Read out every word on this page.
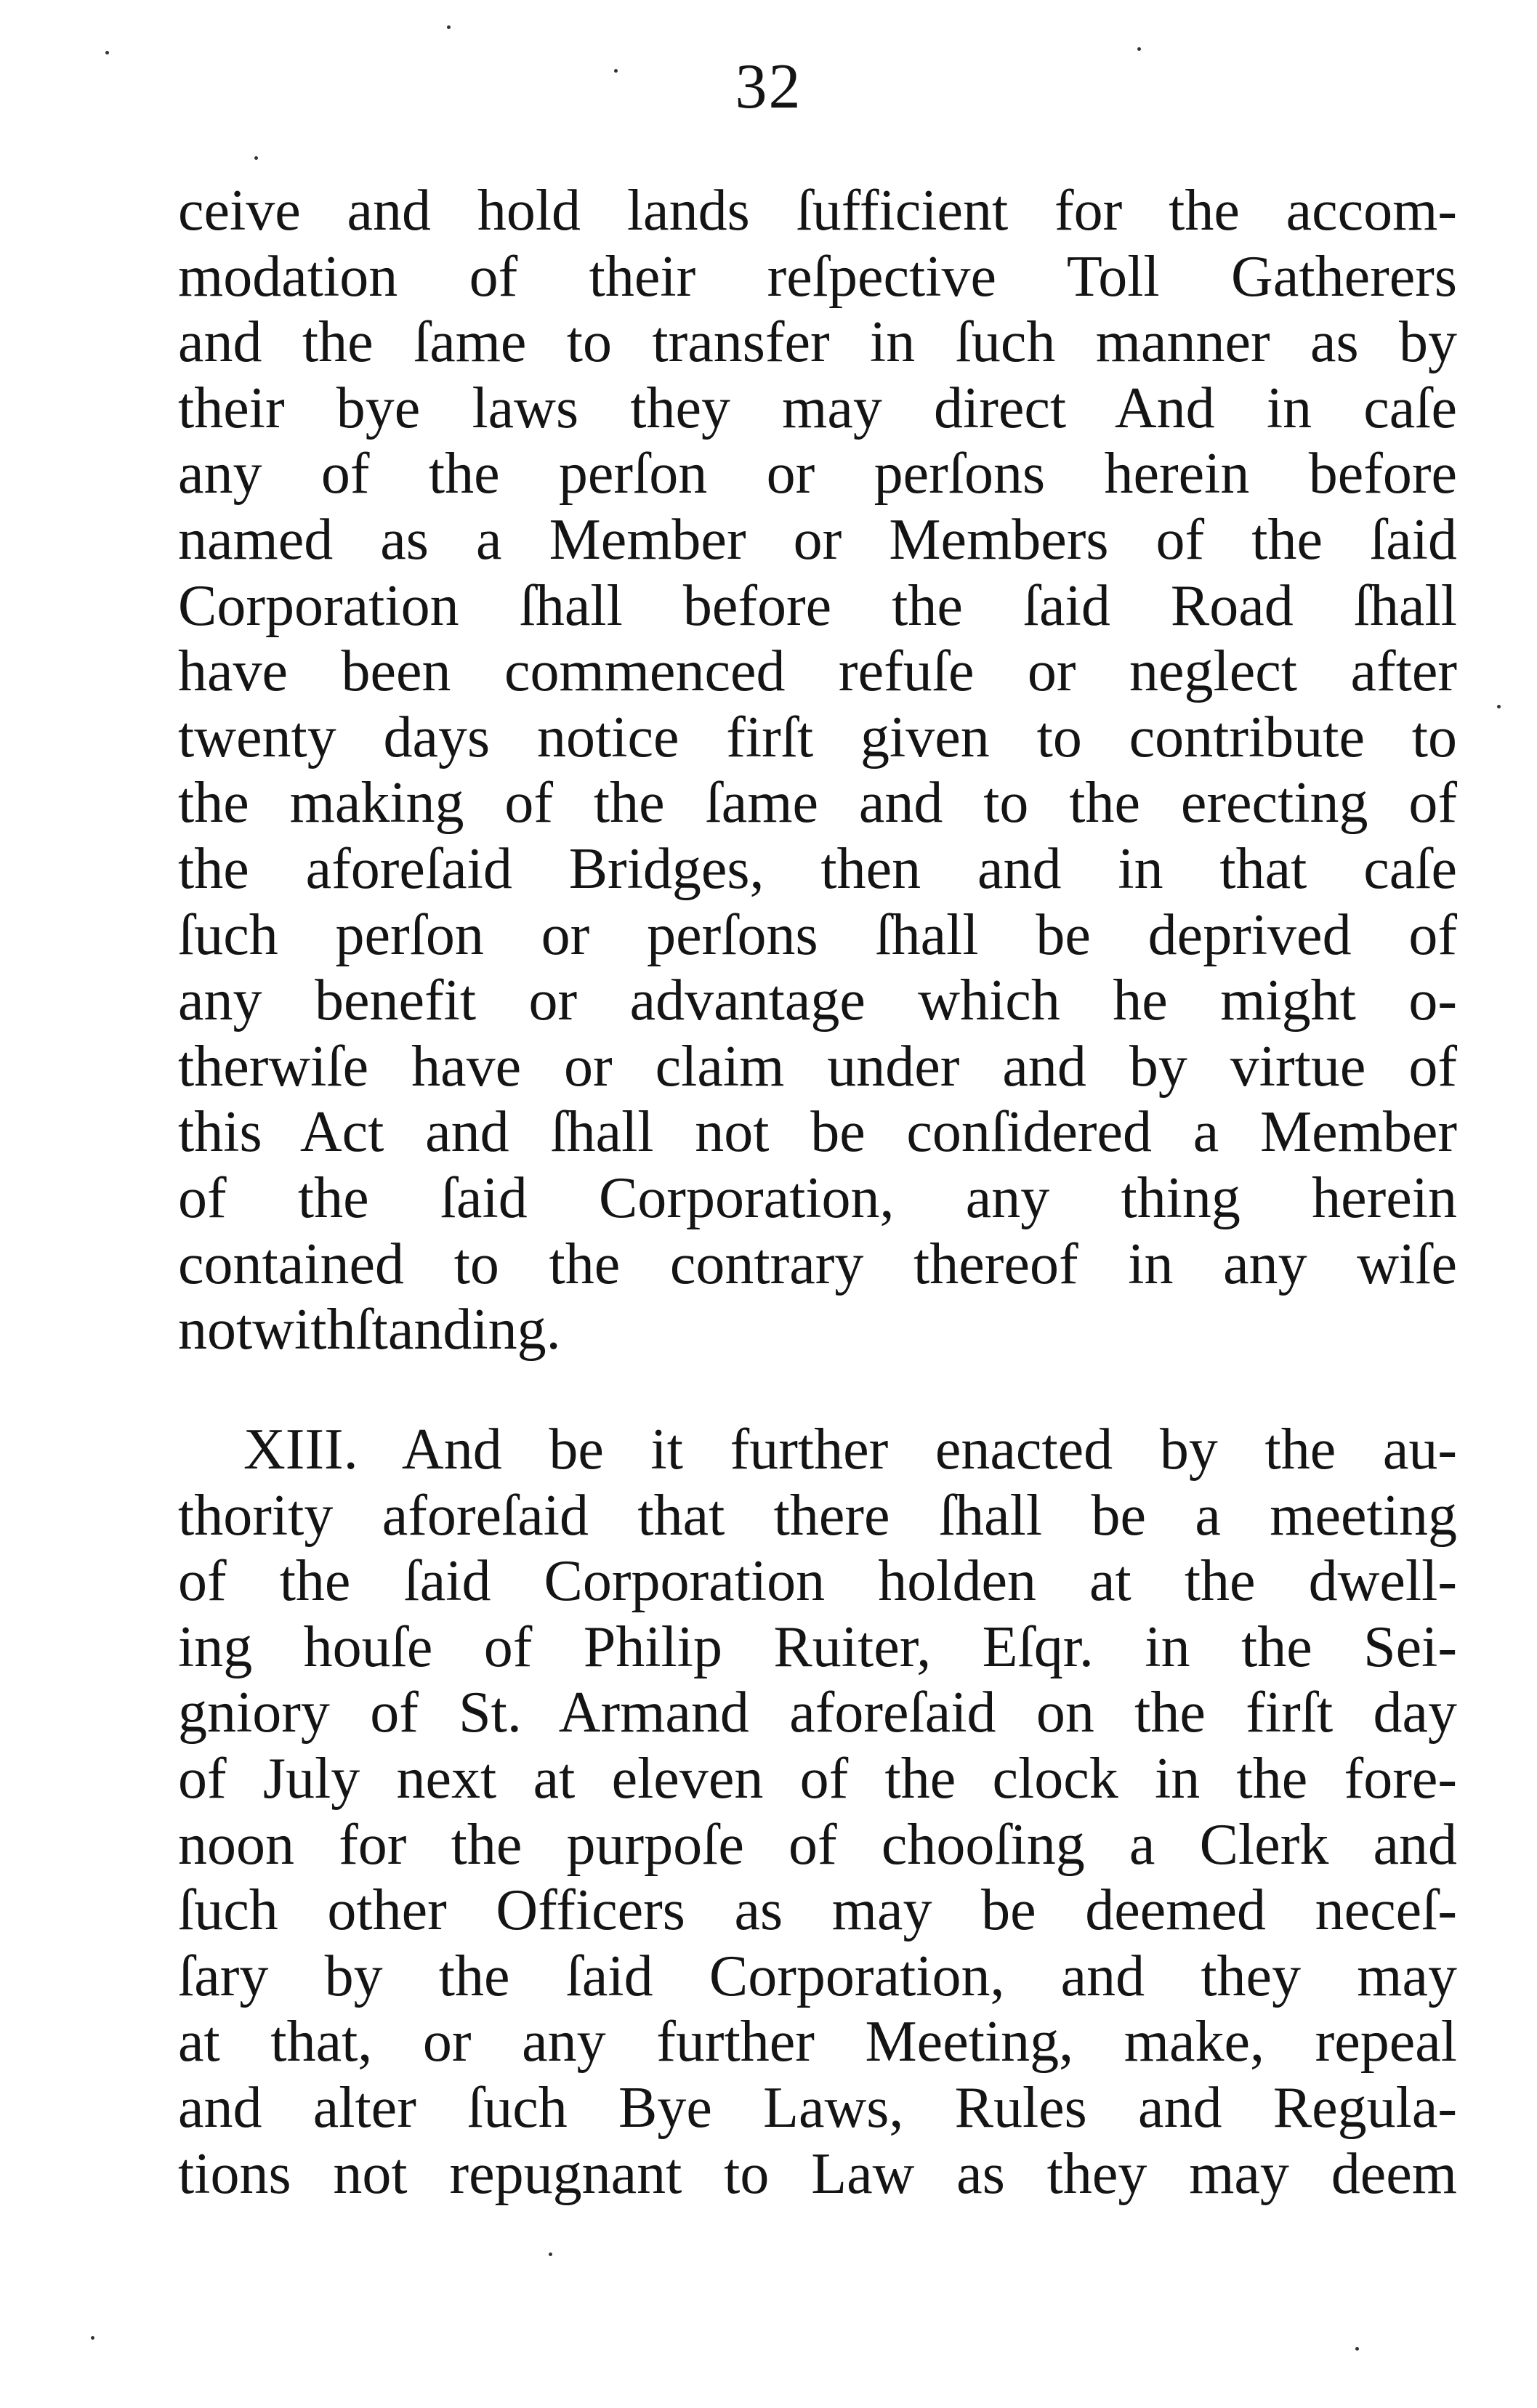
32
ceive and hold lands ſufficient for the accom-
modation of their reſpective Toll Gatherers
and the ſame to transfer in ſuch manner as by
their bye laws they may direct And in caſe
any of the perſon or perſons herein before
named as a Member or Members of the ſaid
Corporation ſhall before the ſaid Road ſhall
have been commenced refuſe or neglect after
twenty days notice firſt given to contribute to
the making of the ſame and to the erecting of
the aforeſaid Bridges, then and in that caſe
ſuch perſon or perſons ſhall be deprived of
any benefit or advantage which he might o-
therwiſe have or claim under and by virtue of
this Act and ſhall not be conſidered a Member
of the ſaid Corporation, any thing herein
contained to the contrary thereof in any wiſe
notwithſtanding.
XIII. And be it further enacted by the au-
thority aforeſaid that there ſhall be a meeting
of the ſaid Corporation holden at the dwell-
ing houſe of Philip Ruiter, Eſqr. in the Sei-
gniory of St. Armand aforeſaid on the firſt day
of July next at eleven of the clock in the fore-
noon for the purpoſe of chooſing a Clerk and
ſuch other Officers as may be deemed neceſ-
ſary by the ſaid Corporation, and they may
at that, or any further Meeting, make, repeal
and alter ſuch Bye Laws, Rules and Regula-
tions not repugnant to Law as they may deem
